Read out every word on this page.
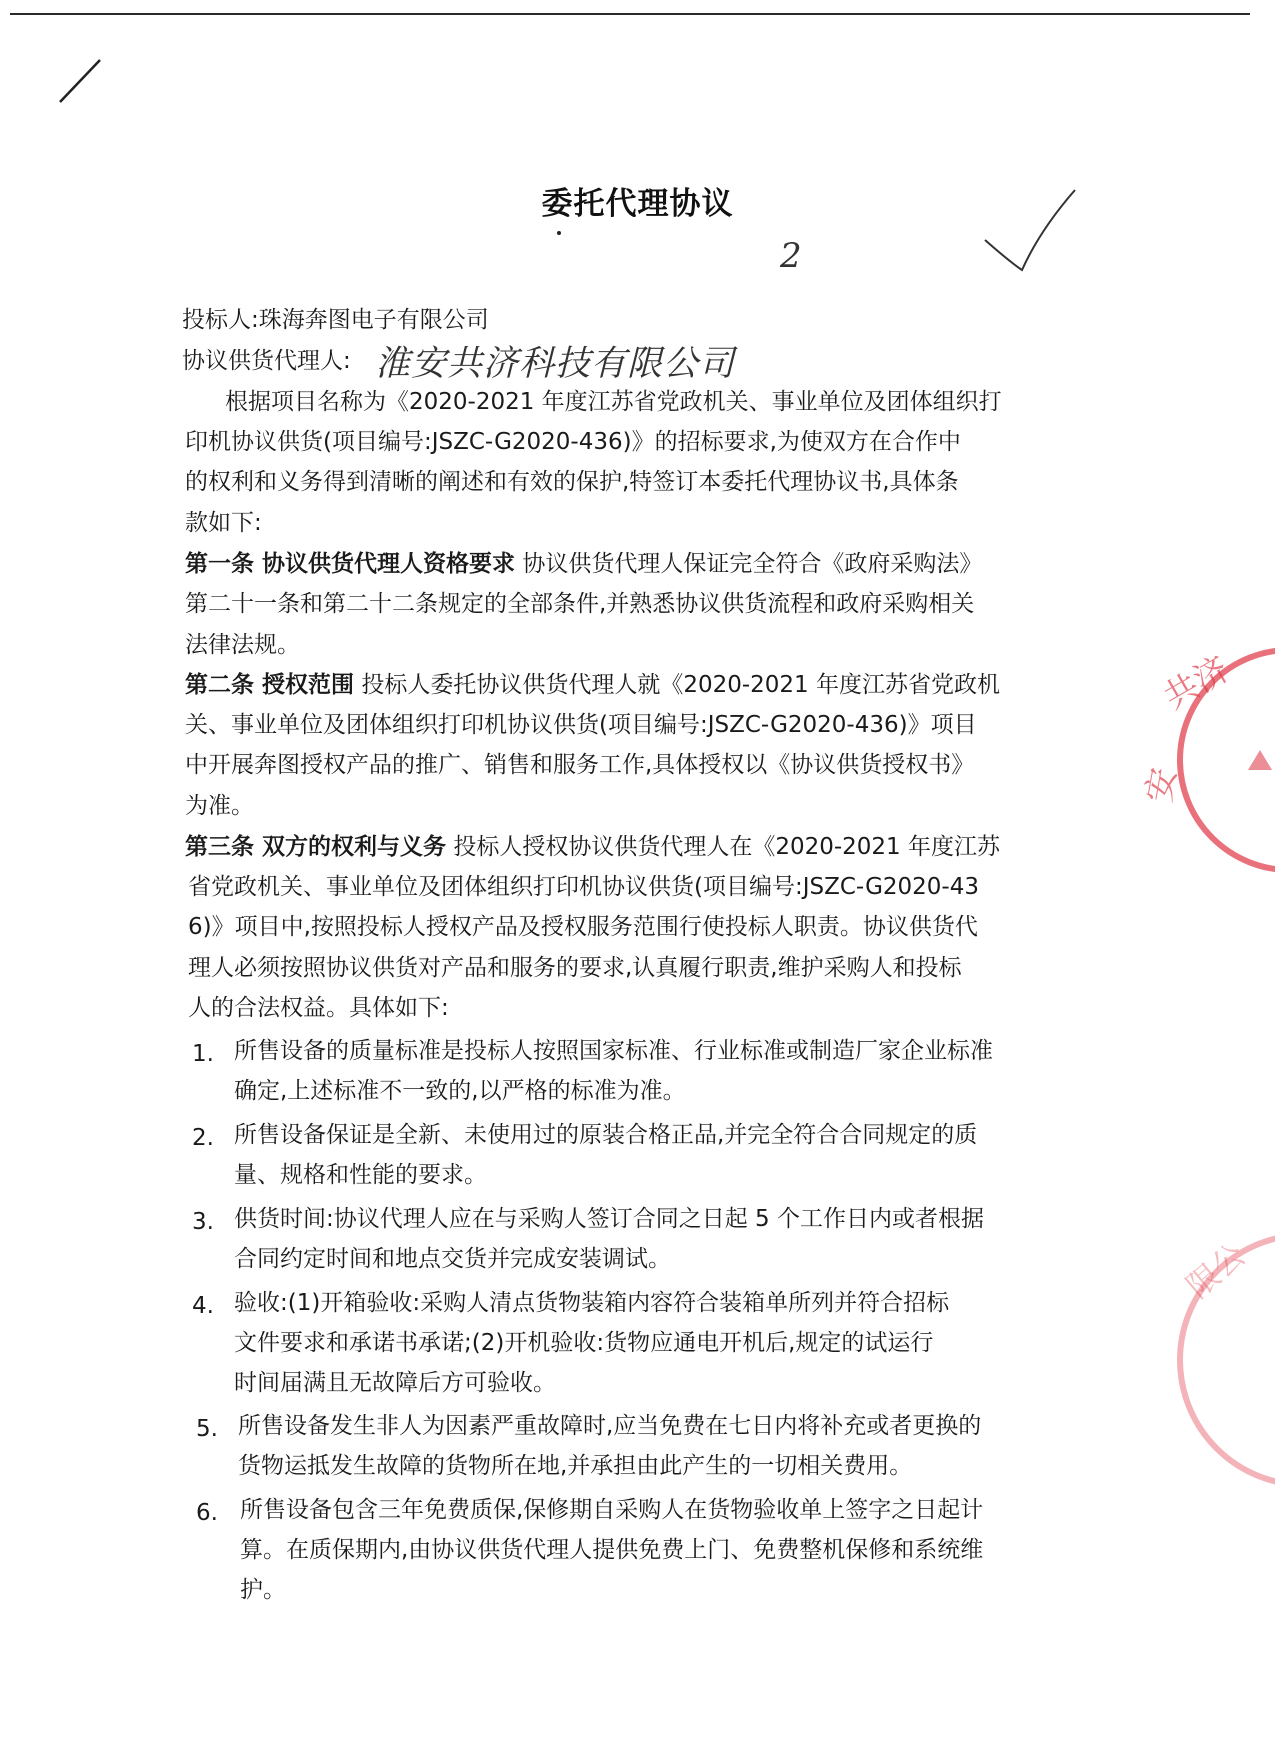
2
委托代理协议
投标人:珠海奔图电子有限公司
协议供货代理人: 淮安共济科技有限公司
根据项目名称为《2020-2021 年度江苏省党政机关、事业单位及团体组织打
印机协议供货(项目编号:JSZC-G2020-436)》的招标要求,为使双方在合作中
的权利和义务得到清晰的阐述和有效的保护,特签订本委托代理协议书,具体条
款如下:
第一条 协议供货代理人资格要求 协议供货代理人保证完全符合《政府采购法》
第二十一条和第二十二条规定的全部条件,并熟悉协议供货流程和政府采购相关
法律法规。
第二条 授权范围 投标人委托协议供货代理人就《2020-2021 年度江苏省党政机
关、事业单位及团体组织打印机协议供货(项目编号:JSZC-G2020-436)》项目
中开展奔图授权产品的推广、销售和服务工作,具体授权以《协议供货授权书》
为准。
第三条 双方的权利与义务 投标人授权协议供货代理人在《2020-2021 年度江苏
省党政机关、事业单位及团体组织打印机协议供货(项目编号:JSZC-G2020-43
6)》项目中,按照投标人授权产品及授权服务范围行使投标人职责。协议供货代
理人必须按照协议供货对产品和服务的要求,认真履行职责,维护采购人和投标
人的合法权益。具体如下:
1. 所售设备的质量标准是投标人按照国家标准、行业标准或制造厂家企业标准
确定,上述标准不一致的,以严格的标准为准。
2. 所售设备保证是全新、未使用过的原装合格正品,并完全符合合同规定的质
量、规格和性能的要求。
3. 供货时间:协议代理人应在与采购人签订合同之日起 5 个工作日内或者根据
合同约定时间和地点交货并完成安装调试。
4. 验收:(1)开箱验收:采购人清点货物装箱内容符合装箱单所列并符合招标
文件要求和承诺书承诺;(2)开机验收:货物应通电开机后,规定的试运行
时间届满且无故障后方可验收。
5. 所售设备发生非人为因素严重故障时,应当免费在七日内将补充或者更换的
货物运抵发生故障的货物所在地,并承担由此产生的一切相关费用。
6. 所售设备包含三年免费质保,保修期自采购人在货物验收单上签字之日起计
算。在质保期内,由协议供货代理人提供免费上门、免费整机保修和系统维
护。
共济
安
限公
